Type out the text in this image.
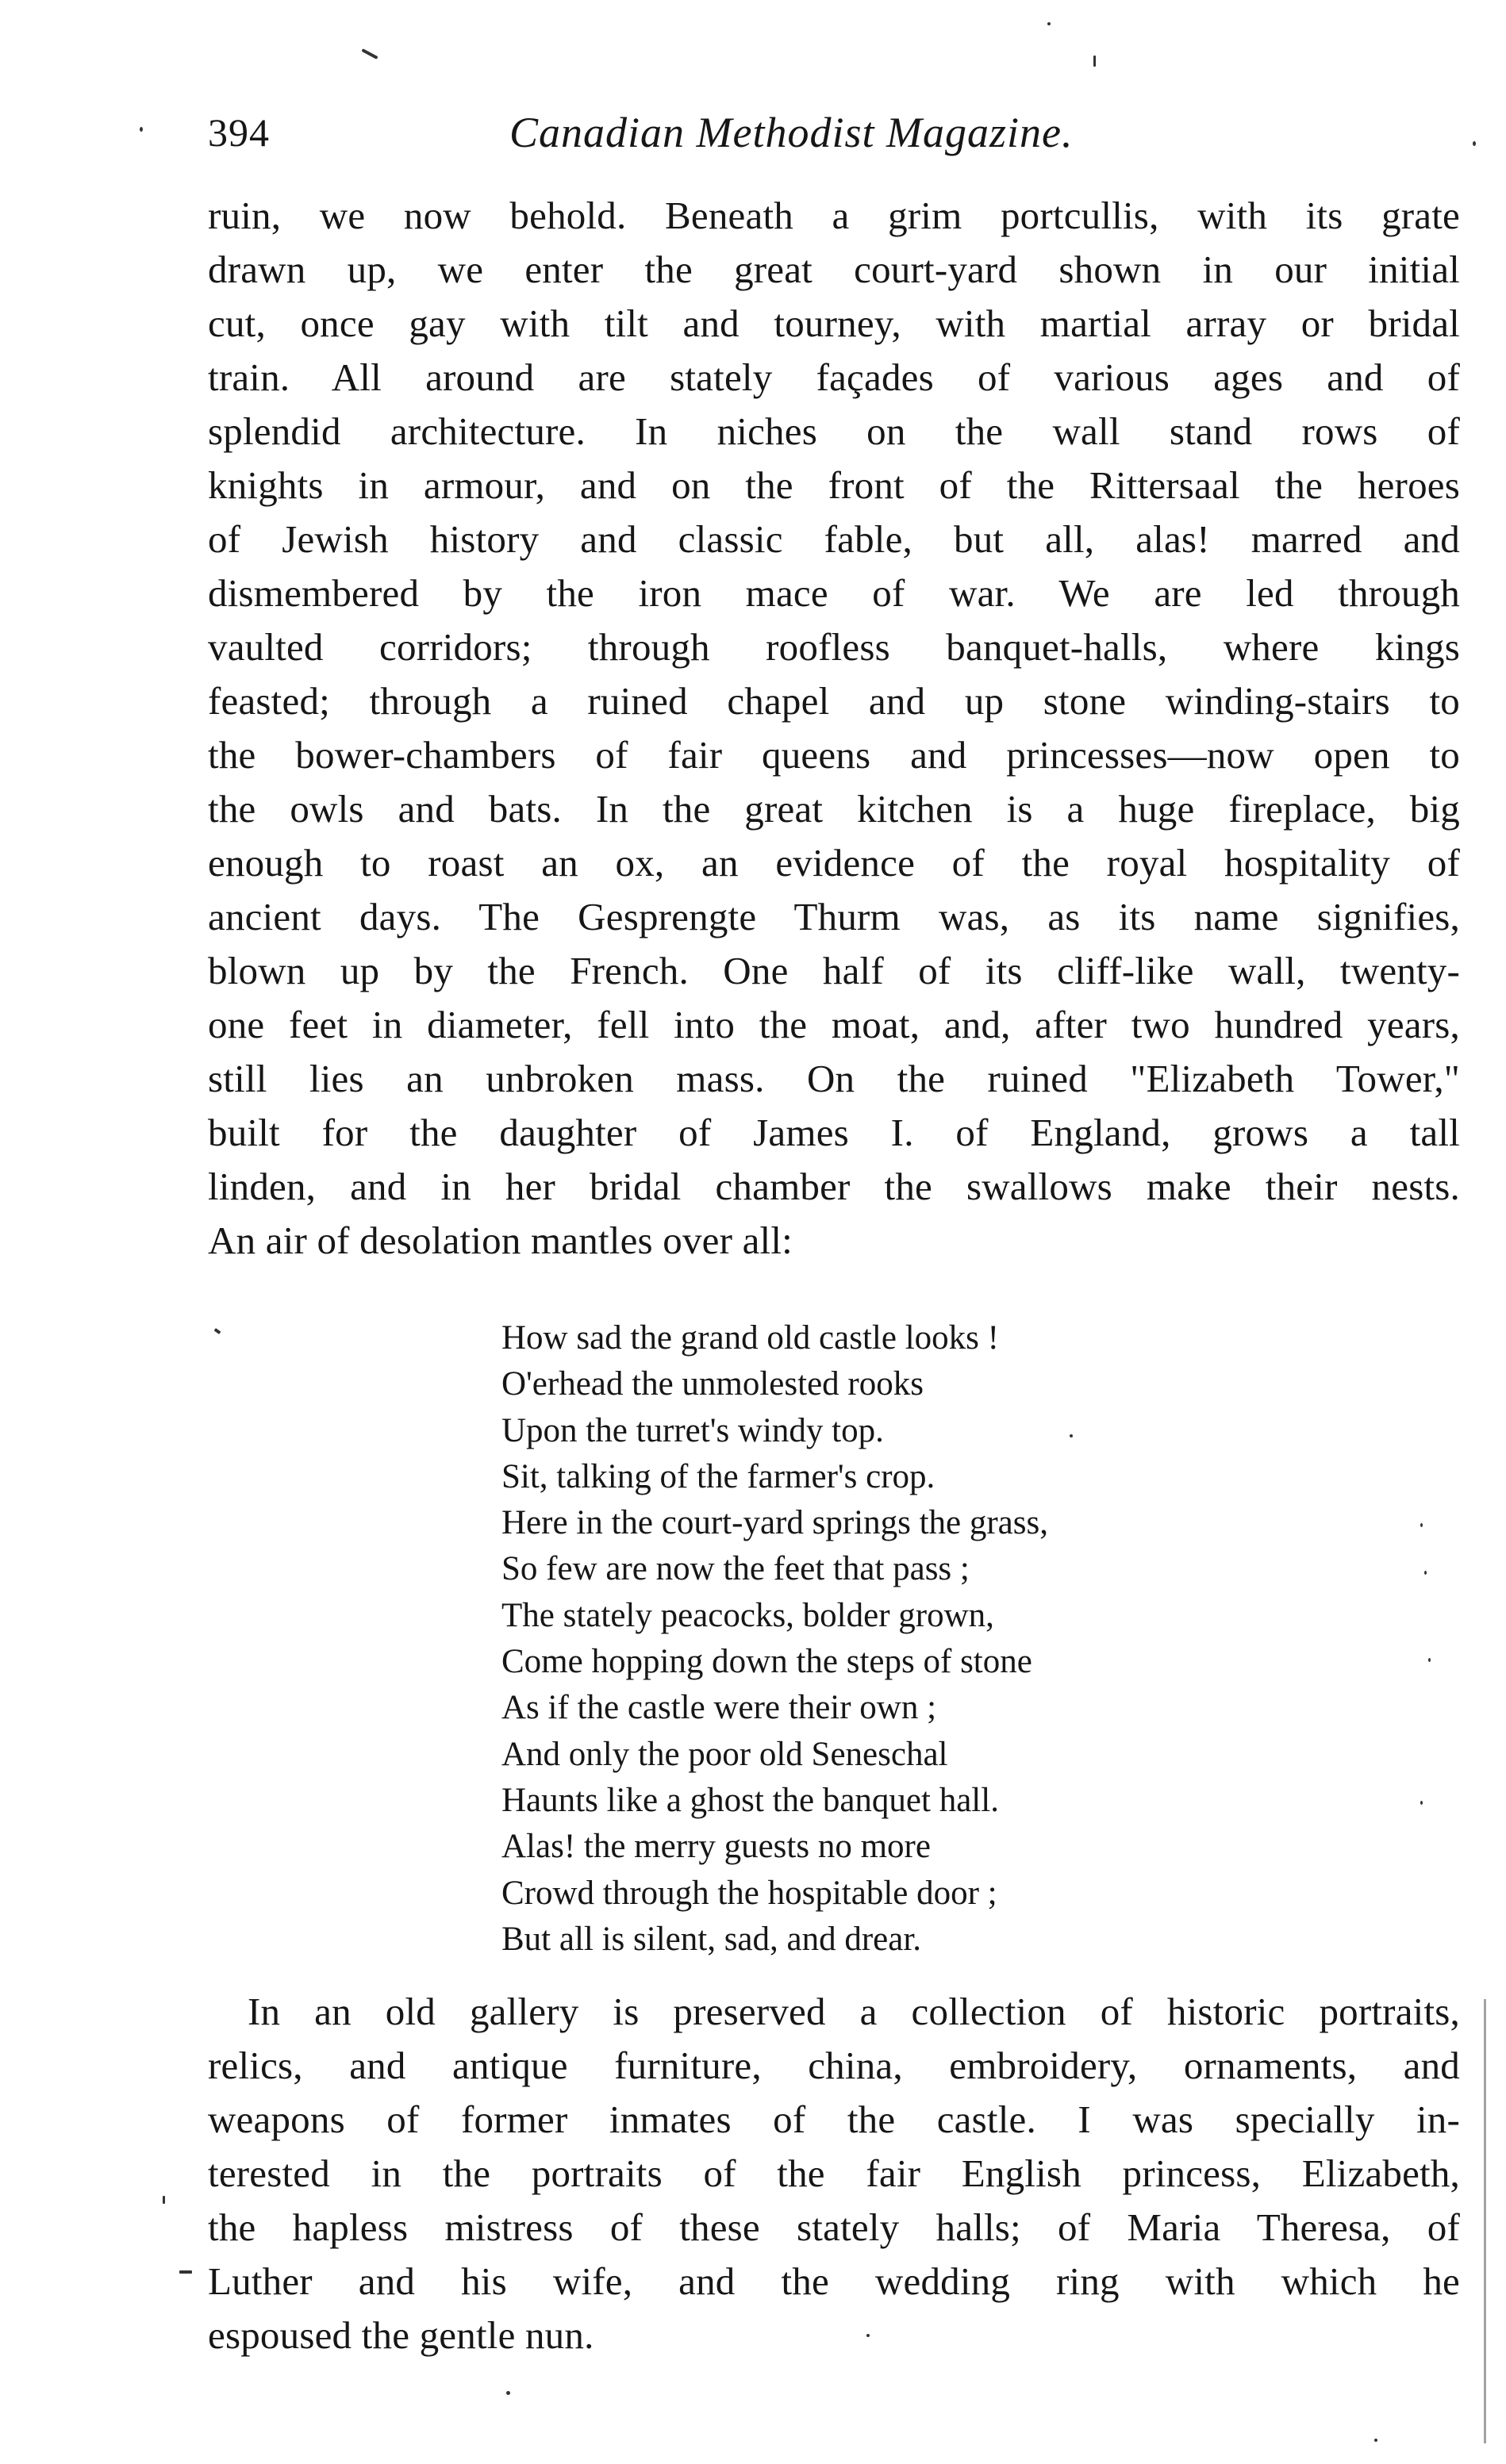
394	Canadian Methodist Magazine.
ruin, we now behold. Beneath a grim portcullis, with its grate
drawn up, we enter the great court-yard shown in our initial
cut, once gay with tilt and tourney, with martial array or bridal
train. All around are stately façades of various ages and of
splendid architecture. In niches on the wall stand rows of
knights in armour, and on the front of the Rittersaal the heroes
of Jewish history and classic fable, but all, alas! marred and
dismembered by the iron mace of war. We are led through
vaulted corridors; through roofless banquet-halls, where kings
feasted; through a ruined chapel and up stone winding-stairs to
the bower-chambers of fair queens and princesses—now open to
the owls and bats. In the great kitchen is a huge fireplace, big
enough to roast an ox, an evidence of the royal hospitality of
ancient days. The Gesprengte Thurm was, as its name signifies,
blown up by the French. One half of its cliff-like wall, twenty-
one feet in diameter, fell into the moat, and, after two hundred years,
still lies an unbroken mass. On the ruined "Elizabeth Tower,"
built for the daughter of James I. of England, grows a tall
linden, and in her bridal chamber the swallows make their nests.
An air of desolation mantles over all:
How sad the grand old castle looks !
O'erhead the unmolested rooks
Upon the turret's windy top.
Sit, talking of the farmer's crop.
Here in the court-yard springs the grass,
So few are now the feet that pass ;
The stately peacocks, bolder grown,
Come hopping down the steps of stone
As if the castle were their own ;
And only the poor old Seneschal
Haunts like a ghost the banquet hall.
Alas! the merry guests no more
Crowd through the hospitable door ;
But all is silent, sad, and drear.
In an old gallery is preserved a collection of historic portraits,
relics, and antique furniture, china, embroidery, ornaments, and
weapons of former inmates of the castle. I was specially in-
terested in the portraits of the fair English princess, Elizabeth,
the hapless mistress of these stately halls; of Maria Theresa, of
Luther and his wife, and the wedding ring with which he
espoused the gentle nun.
